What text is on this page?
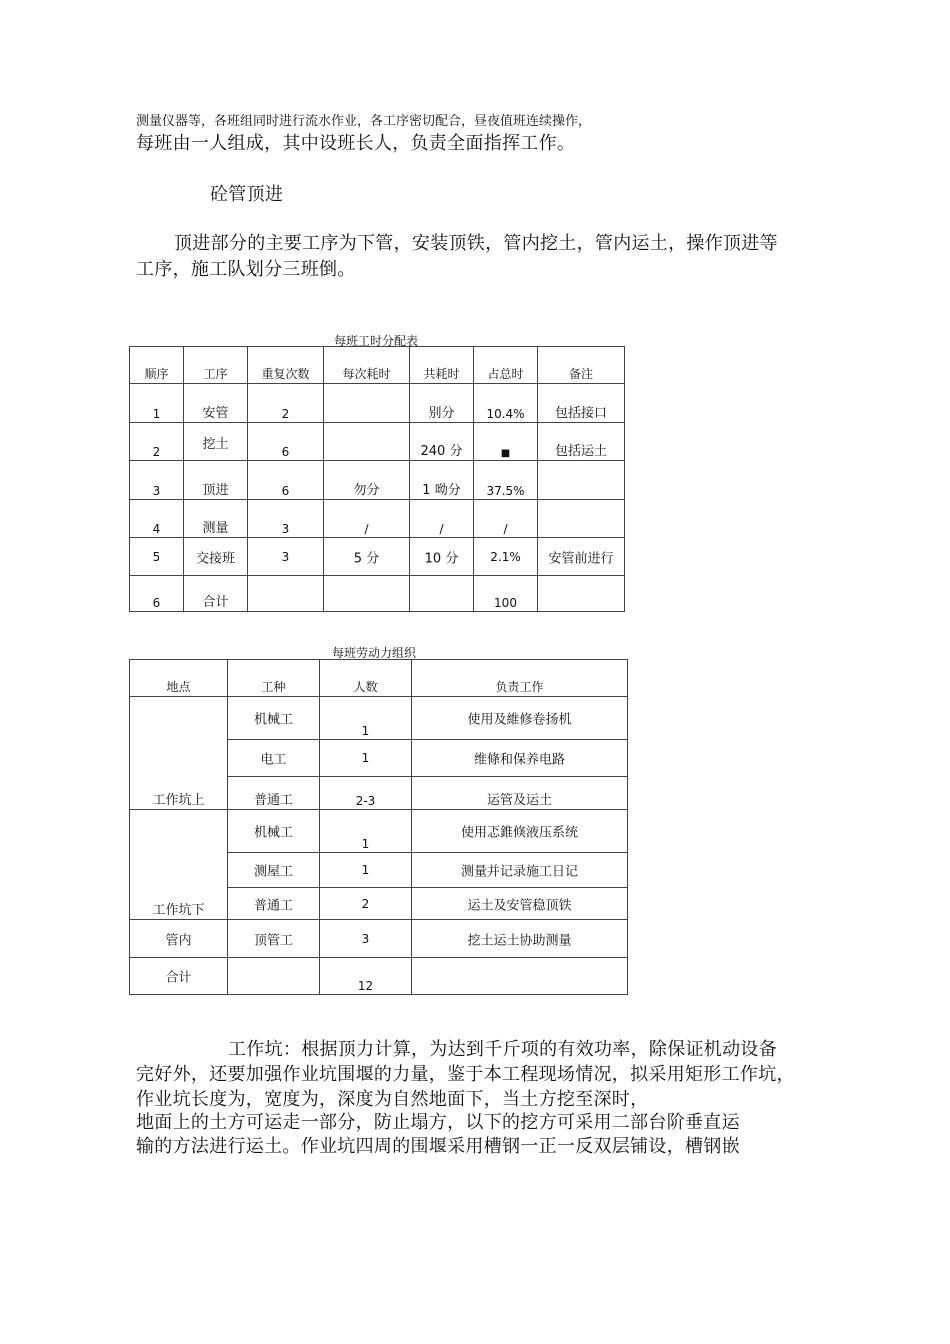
测量仪器等，各班组同时进行流水作业，各工序密切配合，昼夜值班连续操作，
每班由一人组成，其中设班长人，负责全面指挥工作。
砼管顶进
顶进部分的主要工序为下管，安装顶铁，管内挖土，管内运土，操作顶进等
工序，施工队划分三班倒。
每班工时分配表
顺序	工序	重复次数	每次耗时	共耗时	占总时	备注

1	安管	2		别分	10.4%	包括接口

2	挖土	6		240 分	■	包括运土

3	顶进	6	勿分	1 呦分	37.5%	

4	测量	3	/	/	/	

5	交接班	3	5 分	10 分	2.1%	安管前进行

6	合计				100	

每班劳动力组织
地点	工种	人数	负责工作

工作坑上	机械工	1	使用及維修卷扬机

	电工	1	维條和保养电路

	普通工	2-3	运管及运土

工作坑下	机械工	1	使用忑錐倏液压系统

	测屋工	1	测量并记录施工日记

	普通工	2	运土及安管稳顶铁

管内	顶管工	3	挖土运土协助测量

合计		12	

工作坑：根据顶力计算，为达到千斤项的有效功率，除保证机动设备
完好外，还要加强作业坑围堰的力量，鉴于本工程现场情况，拟采用矩形工作坑，
作业坑长度为，宽度为，深度为自然地面下，当土方挖至深时，
地面上的土方可运走一部分，防止塌方，以下的挖方可采用二部台阶垂直运
输的方法进行运土。作业坑四周的围堰采用槽钢一正一反双层铺设，槽钢嵌
